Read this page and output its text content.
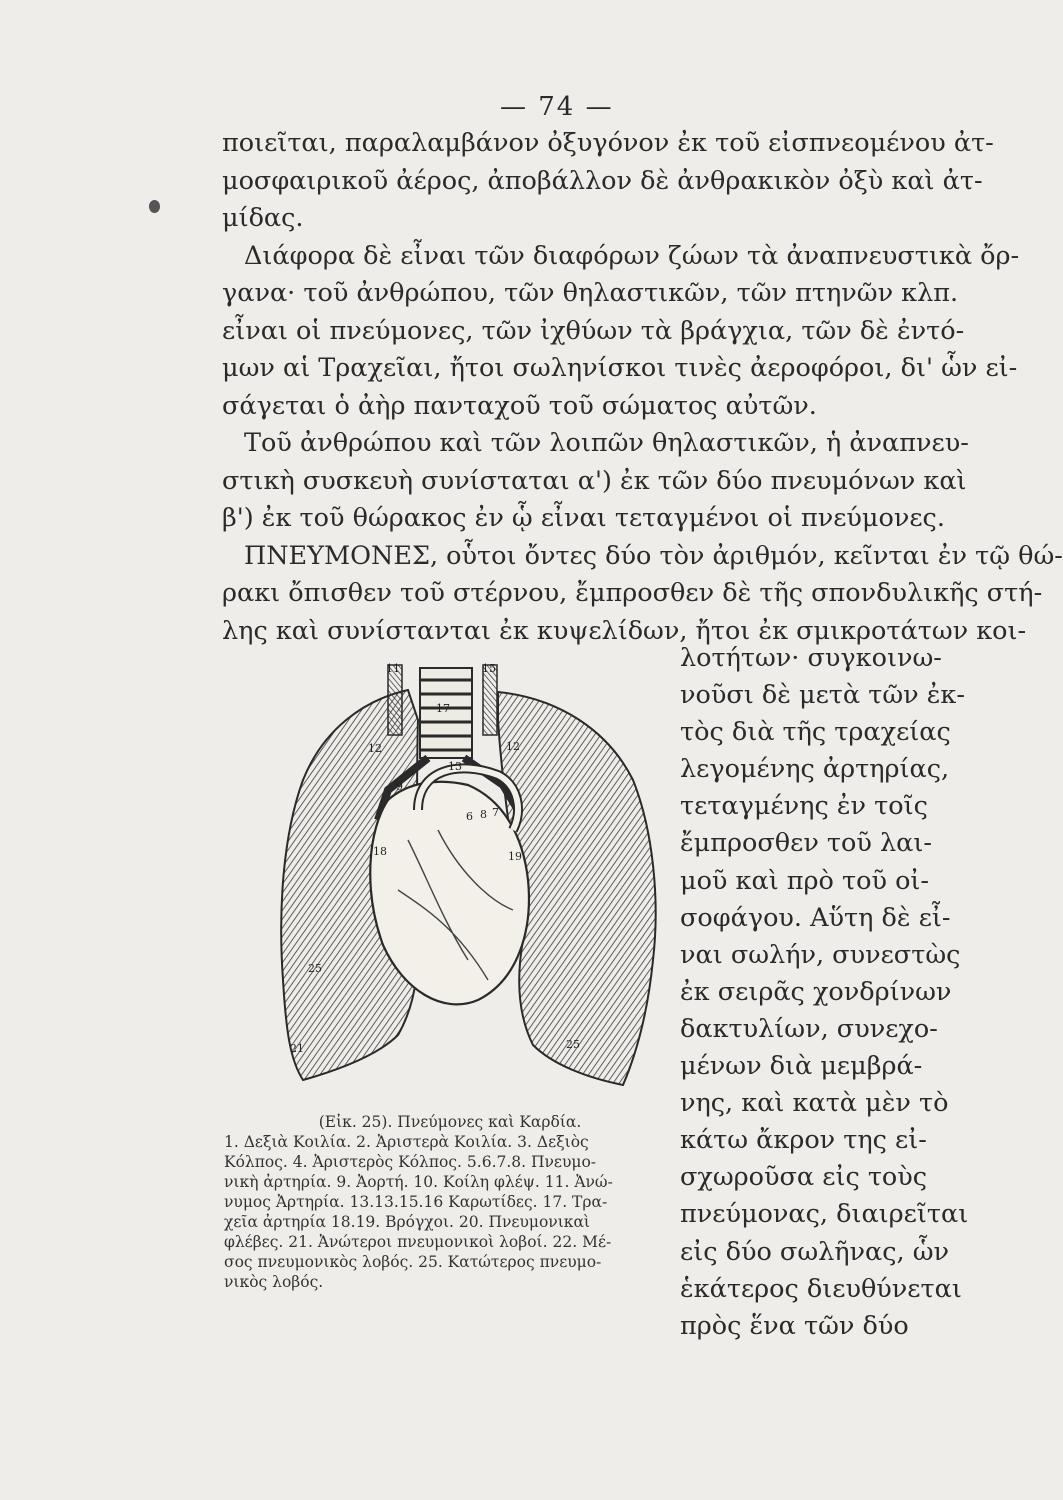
— 74 —
ποιεῖται, παραλαμβάνον ὀξυγόνον ἐκ τοῦ εἰσπνεομένου ἀτ-
μοσφαιρικοῦ ἀέρος, ἀποβάλλον δὲ ἀνθρακικὸν ὀξὺ καὶ ἀτ-
μίδας.
Διάφορα δὲ εἶναι τῶν διαφόρων ζώων τὰ ἀναπνευστικὰ ὄρ-
γανα· τοῦ ἀνθρώπου, τῶν θηλαστικῶν, τῶν πτηνῶν κλπ.
εἶναι οἱ πνεύμονες, τῶν ἰχθύων τὰ βράγχια, τῶν δὲ ἐντό-
μων αἱ Τραχεῖαι, ἤτοι σωληνίσκοι τινὲς ἀεροφόροι, δι' ὧν εἰ-
σάγεται ὁ ἀὴρ πανταχοῦ τοῦ σώματος αὐτῶν.
Τοῦ ἀνθρώπου καὶ τῶν λοιπῶν θηλαστικῶν, ἡ ἀναπνευ-
στικὴ συσκευὴ συνίσταται α') ἐκ τῶν δύο πνευμόνων καὶ
β') ἐκ τοῦ θώρακος ἐν ᾧ εἶναι τεταγμένοι οἱ πνεύμονες.
ΠΝΕΥΜΟΝΕΣ, οὗτοι ὄντες δύο τὸν ἀριθμόν, κεῖνται ἐν τῷ θώ-
ρακι ὄπισθεν τοῦ στέρνου, ἔμπροσθεν δὲ τῆς σπονδυλικῆς στή-
λης καὶ συνίστανται ἐκ κυψελίδων, ἤτοι ἐκ σμικροτάτων κοι-
λοτήτων· συγκοινω-
νοῦσι δὲ μετὰ τῶν ἐκ-
τὸς διὰ τῆς τραχείας
λεγομένης ἀρτηρίας,
τεταγμένης ἐν τοῖς
ἔμπροσθεν τοῦ λαι-
μοῦ καὶ πρὸ τοῦ οἰ-
σοφάγου. Αὕτη δὲ εἶ-
ναι σωλήν, συνεστὼς
ἐκ σειρᾶς χονδρίνων
δακτυλίων, συνεχο-
μένων διὰ μεμβρά-
νης, καὶ κατὰ μὲν τὸ
κάτω ἄκρον της εἰ-
σχωροῦσα εἰς τοὺς
πνεύμονας, διαιρεῖται
εἰς δύο σωλῆνας, ὧν
ἑκάτερος διευθύνεται
πρὸς ἕνα τῶν δύο
11	15
12	12
13
9
6 8 7
19
18
25
21	25
17
(Εἰκ. 25). Πνεύμονες καὶ Καρδία.
1. Δεξιὰ Κοιλία. 2. Ἀριστερὰ Κοιλία. 3. Δεξιὸς
Κόλπος. 4. Ἀριστερὸς Κόλπος. 5.6.7.8. Πνευμο-
νικὴ ἀρτηρία. 9. Ἀορτή. 10. Κοίλη φλέψ. 11. Ἀνώ-
νυμος Ἀρτηρία. 13.13.15.16 Καρωτίδες. 17. Τρα-
χεῖα ἀρτηρία 18.19. Βρόγχοι. 20. Πνευμονικαὶ
φλέβες. 21. Ἀνώτεροι πνευμονικοὶ λοβοί. 22. Μέ-
σος πνευμονικὸς λοβός. 25. Κατώτερος πνευμο-
νικὸς λοβός.
